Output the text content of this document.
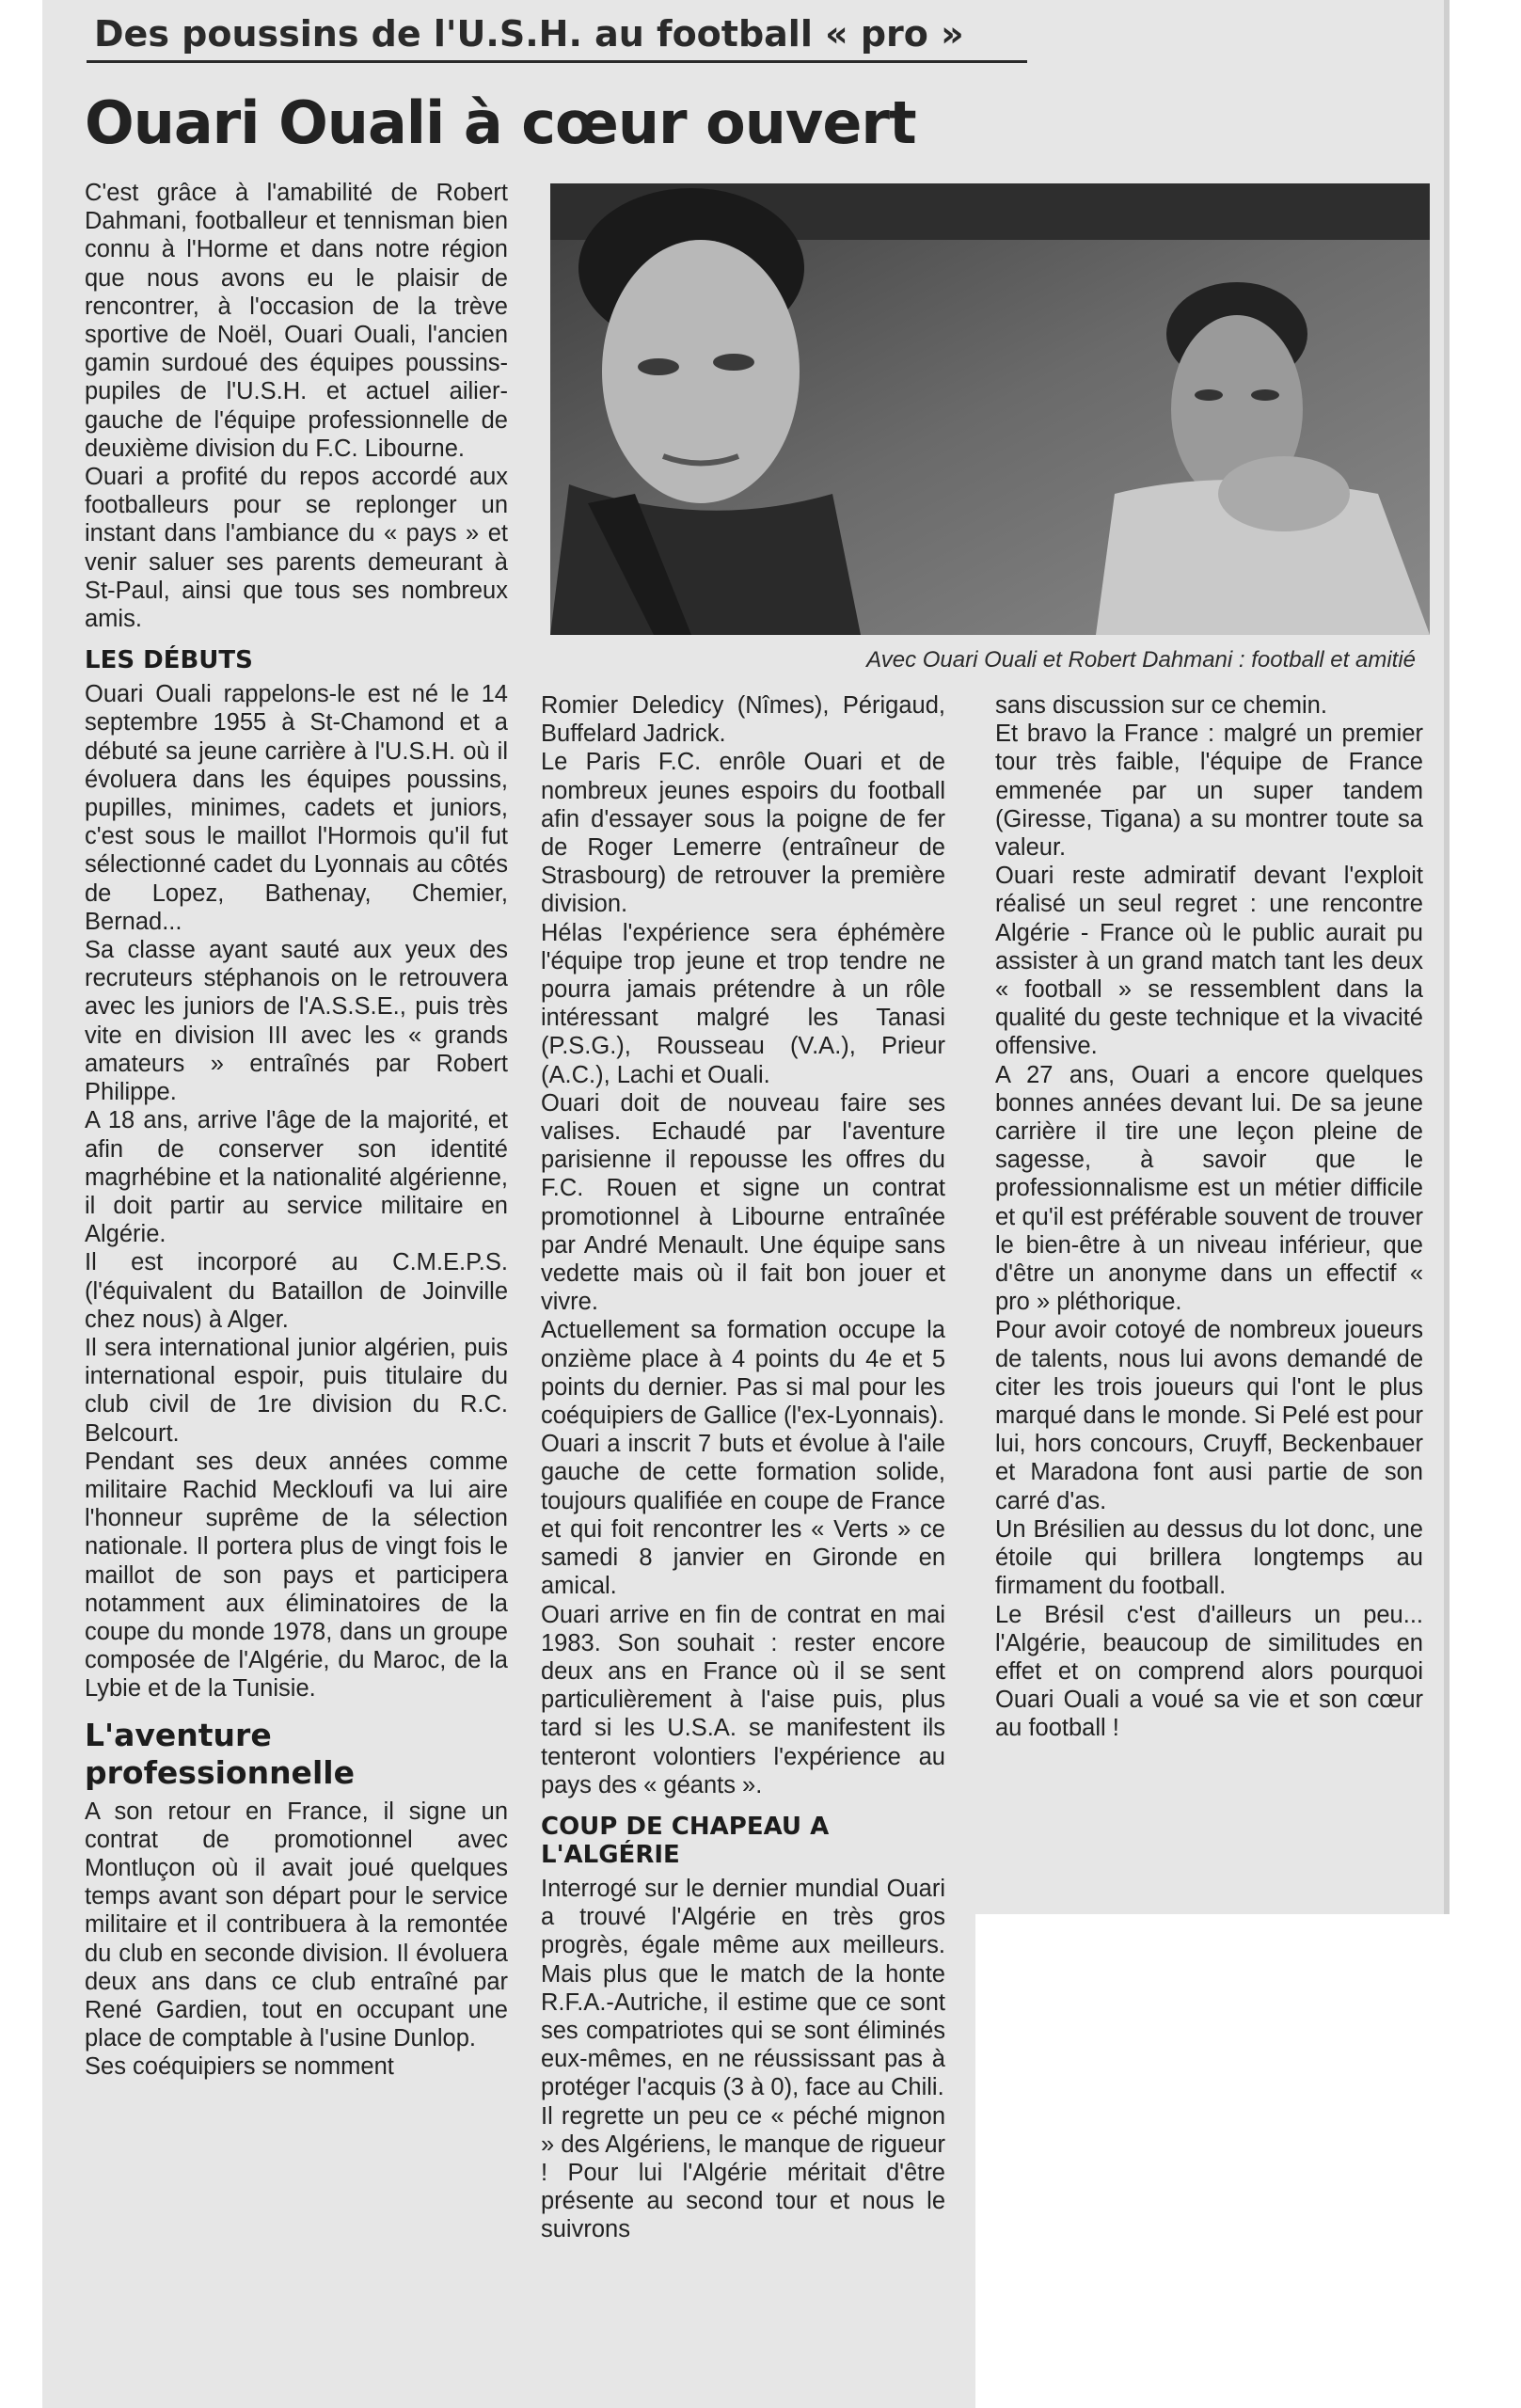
Des poussins de l'U.S.H. au football « pro »
Ouari Ouali à cœur ouvert
Avec Ouari Ouali et Robert Dahmani : football et amitié

C'est grâce à l'amabilité de Robert Dahmani, footballeur et tennisman bien connu à l'Horme et dans notre région que nous avons eu le plaisir de rencontrer, à l'occasion de la trève sportive de Noël, Ouari Ouali, l'ancien gamin surdoué des équipes poussins-pupiles de l'U.S.H. et actuel ailier-gauche de l'équipe professionnelle de deuxième division du F.C. Libourne.

Ouari a profité du repos accordé aux footballeurs pour se replonger un instant dans l'ambiance du « pays » et venir saluer ses parents demeurant à St-Paul, ainsi que tous ses nombreux amis.

LES DÉBUTS

Ouari Ouali rappelons-le est né le 14 septembre 1955 à St-Chamond et a débuté sa jeune carrière à l'U.S.H. où il évoluera dans les équipes poussins, pupilles, minimes, cadets et juniors, c'est sous le maillot l'Hormois qu'il fut sélectionné cadet du Lyonnais au côtés de Lopez, Bathenay, Chemier, Bernad...

Sa classe ayant sauté aux yeux des recruteurs stéphanois on le retrouvera avec les juniors de l'A.S.S.E., puis très vite en division III avec les « grands amateurs » entraînés par Robert Philippe.

A 18 ans, arrive l'âge de la majorité, et afin de conserver son identité magrhébine et la nationalité algérienne, il doit partir au service militaire en Algérie.

Il est incorporé au C.M.E.P.S. (l'équivalent du Bataillon de Joinville chez nous) à Alger.

Il sera international junior algérien, puis international espoir, puis titulaire du club civil de 1re division du R.C. Belcourt.

Pendant ses deux années comme militaire Rachid Meckloufi va lui aire l'honneur suprême de la sélection nationale. Il portera plus de vingt fois le maillot de son pays et participera notamment aux éliminatoires de la coupe du monde 1978, dans un groupe composée de l'Algérie, du Maroc, de la Lybie et de la Tunisie.

L'aventure professionnelle

A son retour en France, il signe un contrat de promotionnel avec Montluçon où il avait joué quelques temps avant son départ pour le service militaire et il contribuera à la remontée du club en seconde division. Il évoluera deux ans dans ce club entraîné par René Gardien, tout en occupant une place de comptable à l'usine Dunlop.

Ses coéquipiers se nomment

Romier Deledicy (Nîmes), Périgaud, Buffelard Jadrick.

Le Paris F.C. enrôle Ouari et de nombreux jeunes espoirs du football afin d'essayer sous la poigne de fer de Roger Lemerre (entraîneur de Strasbourg) de retrouver la première division.

Hélas l'expérience sera éphémère l'équipe trop jeune et trop tendre ne pourra jamais prétendre à un rôle intéressant malgré les Tanasi (P.S.G.), Rousseau (V.A.), Prieur (A.C.), Lachi et Ouali.

Ouari doit de nouveau faire ses valises. Echaudé par l'aventure parisienne il repousse les offres du F.C. Rouen et signe un contrat promotionnel à Libourne entraînée par André Menault. Une équipe sans vedette mais où il fait bon jouer et vivre.

Actuellement sa formation occupe la onzième place à 4 points du 4e et 5 points du dernier. Pas si mal pour les coéquipiers de Gallice (l'ex-Lyonnais).

Ouari a inscrit 7 buts et évolue à l'aile gauche de cette formation solide, toujours qualifiée en coupe de France et qui foit rencontrer les « Verts » ce samedi 8 janvier en Gironde en amical.

Ouari arrive en fin de contrat en mai 1983. Son souhait : rester encore deux ans en France où il se sent particulièrement à l'aise puis, plus tard si les U.S.A. se manifestent ils tenteront volontiers l'expérience au pays des « géants ».

COUP DE CHAPEAU A L'ALGÉRIE

Interrogé sur le dernier mundial Ouari a trouvé l'Algérie en très gros progrès, égale même aux meilleurs. Mais plus que le match de la honte R.F.A.-Autriche, il estime que ce sont ses compatriotes qui se sont éliminés eux-mêmes, en ne réussissant pas à protéger l'acquis (3 à 0), face au Chili.

Il regrette un peu ce « péché mignon » des Algériens, le manque de rigueur ! Pour lui l'Algérie méritait d'être présente au second tour et nous le suivrons

sans discussion sur ce chemin.

Et bravo la France : malgré un premier tour très faible, l'équipe de France emmenée par un super tandem (Giresse, Tigana) a su montrer toute sa valeur.

Ouari reste admiratif devant l'exploit réalisé un seul regret : une rencontre Algérie - France où le public aurait pu assister à un grand match tant les deux « football » se ressemblent dans la qualité du geste technique et la vivacité offensive.

A 27 ans, Ouari a encore quelques bonnes années devant lui. De sa jeune carrière il tire une leçon pleine de sagesse, à savoir que le professionnalisme est un métier difficile et qu'il est préférable souvent de trouver le bien-être à un niveau inférieur, que d'être un anonyme dans un effectif « pro » pléthorique.

Pour avoir cotoyé de nombreux joueurs de talents, nous lui avons demandé de citer les trois joueurs qui l'ont le plus marqué dans le monde. Si Pelé est pour lui, hors concours, Cruyff, Beckenbauer et Maradona font ausi partie de son carré d'as.

Un Brésilien au dessus du lot donc, une étoile qui brillera longtemps au firmament du football.

Le Brésil c'est d'ailleurs un peu... l'Algérie, beaucoup de similitudes en effet et on comprend alors pourquoi Ouari Ouali a voué sa vie et son cœur au football !
